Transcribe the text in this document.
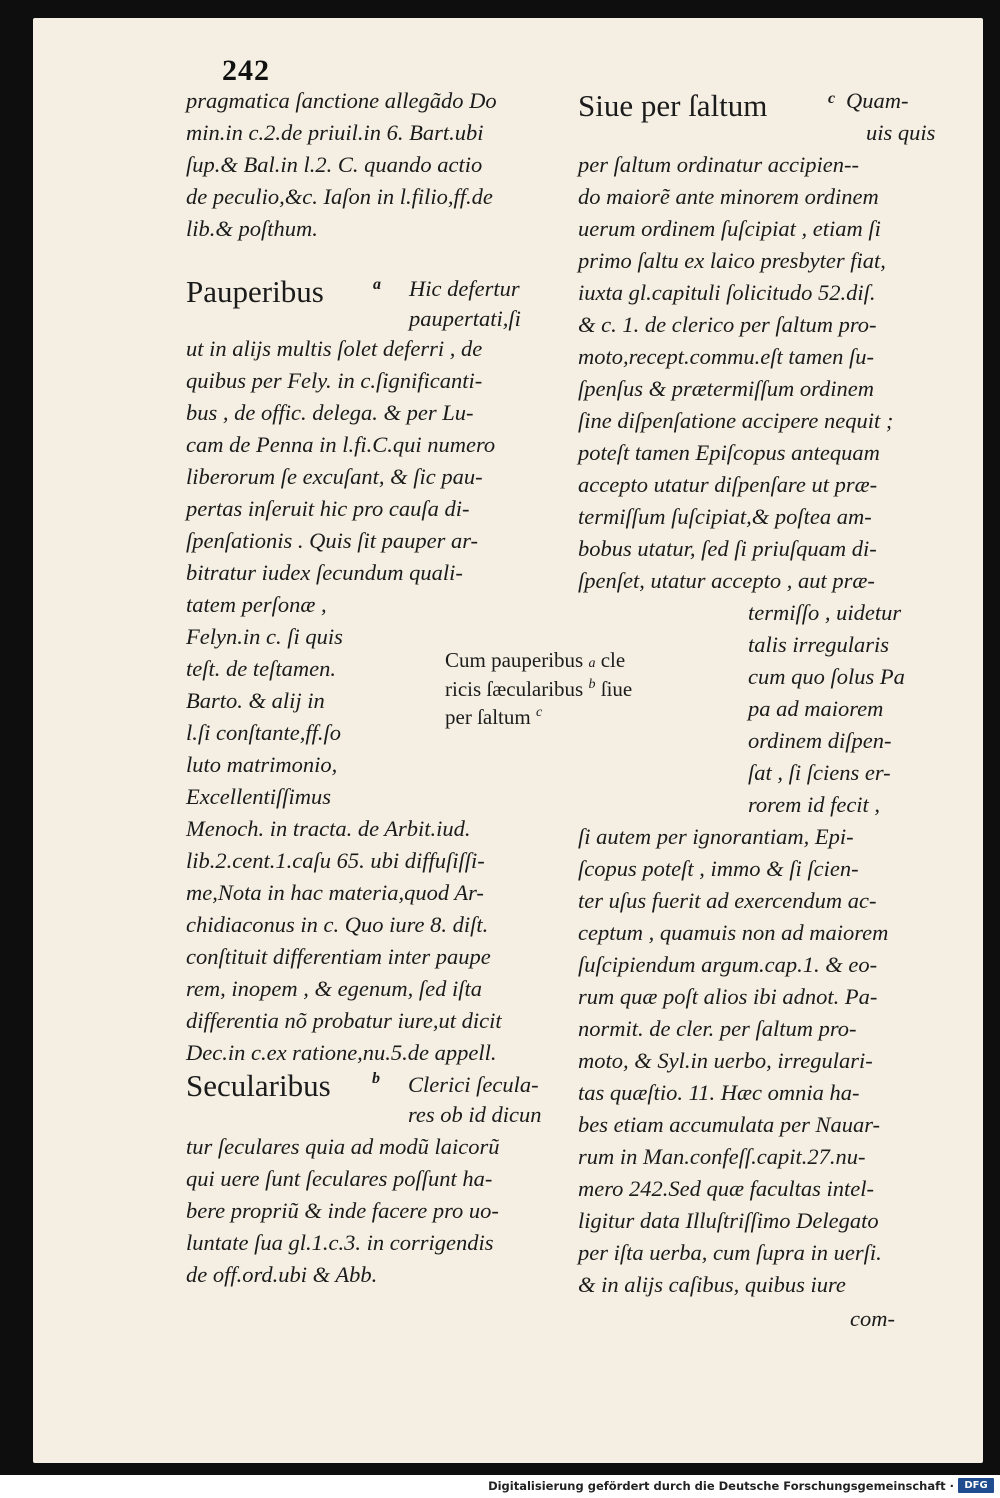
242
pragmatica ſanctione allegãdo Do
min.in c.2.de priuil.in 6. Bart.ubi
ſup.& Bal.in l.2. C. quando actio
de peculio,&c. Iaſon in l.filio,ff.de
lib.& poſthum.
Pauperibus	a Hic defertur
paupertati,ſi
ut in alijs multis ſolet deferri , de
quibus per Fely. in c.ſignificanti-
bus , de offic. delega. & per Lu-
cam de Penna in l.fi.C.qui numero
liberorum ſe excuſant, & ſic pau-
pertas inſeruit hic pro cauſa di-
ſpenſationis . Quis ſit pauper ar-
bitratur iudex ſecundum quali-
tatem perſonæ ,
Felyn.in c. ſi quis
teſt. de teſtamen.
Barto. & alij in
l.ſi conſtante,ff.ſo
luto matrimonio,
Excellentiſſimus
Menoch. in tracta. de Arbit.iud.
lib.2.cent.1.caſu 65. ubi diffuſiſſi-
me,Nota in hac materia,quod Ar-
chidiaconus in c. Quo iure 8. diſt.
conſtituit differentiam inter paupe
rem, inopem , & egenum, ſed iſta
differentia nõ probatur iure,ut dicit
Dec.in c.ex ratione,nu.5.de appell.
Secularibus	b Clerici ſecula-
res ob id dicun
tur ſeculares quia ad modũ laicorũ
qui uere ſunt ſeculares poſſunt ha-
bere propriũ & inde facere pro uo-
luntate ſua gl.1.c.3. in corrigendis
de off.ord.ubi & Abb.
Siue per ſaltum	c Quam-
uis quis
per ſaltum ordinatur accipien--
do maiorẽ ante minorem ordinem
uerum ordinem ſuſcipiat , etiam ſi
primo ſaltu ex laico presbyter fiat,
iuxta gl.capituli ſolicitudo 52.diſ.
& c. 1. de clerico per ſaltum pro-
moto,recept.commu.eſt tamen ſu-
ſpenſus & prætermiſſum ordinem
ſine diſpenſatione accipere nequit ;
poteſt tamen Epiſcopus antequam
accepto utatur diſpenſare ut præ-
termiſſum ſuſcipiat,& poſtea am-
bobus utatur, ſed ſi priuſquam di-
ſpenſet, utatur accepto , aut præ-
termiſſo , uidetur
talis irregularis
cum quo ſolus Pa
pa ad maiorem
ordinem diſpen-
ſat , ſi ſciens er-
rorem id fecit ,
ſi autem per ignorantiam, Epi-
ſcopus poteſt , immo & ſi ſcien-
ter uſus fuerit ad exercendum ac-
ceptum , quamuis non ad maiorem
ſuſcipiendum argum.cap.1. & eo-
rum quæ poſt alios ibi adnot. Pa-
normit. de cler. per ſaltum pro-
moto, & Syl.in uerbo, irregulari-
tas quæſtio. 11. Hæc omnia ha-
bes etiam accumulata per Nauar-
rum in Man.confeſſ.capit.27.nu-
mero 242.Sed quæ facultas intel-
ligitur data Illuſtriſſimo Delegato
per iſta uerba, cum ſupra in uerſi.
& in alijs caſibus, quibus iure
com-
Cum pauperibus a cle
ricis ſæcularibus $^b$ ſiue
per ſaltum $^c$
Digitalisierung gefördert durch die Deutsche Forschungsgemeinschaft ·	DFG
